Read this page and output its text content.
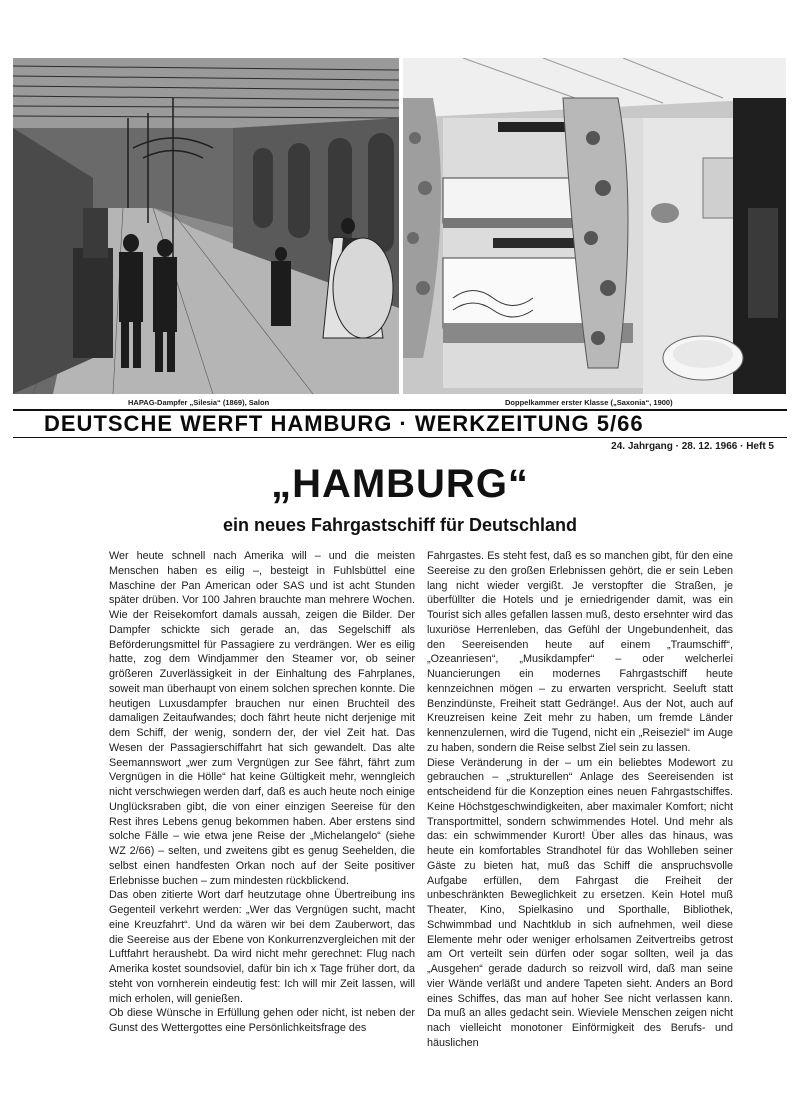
HAPAG-Dampfer „Silesia“ (1869), Salon	Doppelkammer erster Klasse („Saxonia“, 1900)
DEUTSCHE WERFT HAMBURG · WERKZEITUNG 5/66
24. Jahrgang · 28. 12. 1966 · Heft 5
„HAMBURG“
ein neues Fahrgastschiff für Deutschland

Wer heute schnell nach Amerika will – und die meisten Menschen haben es eilig –, besteigt in Fuhlsbüttel eine Maschine der Pan American oder SAS und ist acht Stunden später drüben. Vor 100 Jahren brauchte man mehrere Wochen. Wie der Reisekomfort damals aussah, zeigen die Bilder. Der Dampfer schickte sich gerade an, das Segelschiff als Beförderungsmittel für Passagiere zu verdrängen. Wer es eilig hatte, zog dem Windjammer den Steamer vor, ob seiner größeren Zuverlässigkeit in der Einhaltung des Fahrplanes, soweit man überhaupt von einem solchen sprechen konnte. Die heutigen Luxusdampfer brauchen nur einen Bruchteil des damaligen Zeitaufwandes; doch fährt heute nicht derjenige mit dem Schiff, der wenig, sondern der, der viel Zeit hat. Das Wesen der Passagierschiffahrt hat sich gewandelt. Das alte Seemannswort „wer zum Vergnügen zur See fährt, fährt zum Vergnügen in die Hölle“ hat keine Gültigkeit mehr, wenngleich nicht verschwiegen werden darf, daß es auch heute noch einige Unglücksraben gibt, die von einer einzigen Seereise für den Rest ihres Lebens genug bekommen haben. Aber erstens sind solche Fälle – wie etwa jene Reise der „Michelangelo“ (siehe WZ 2/66) – selten, und zweitens gibt es genug Seehelden, die selbst einen handfesten Orkan noch auf der Seite positiver Erlebnisse buchen – zum mindesten rückblickend.

Das oben zitierte Wort darf heutzutage ohne Übertreibung ins Gegenteil verkehrt werden: „Wer das Vergnügen sucht, macht eine Kreuzfahrt“. Und da wären wir bei dem Zauberwort, das die Seereise aus der Ebene von Konkurrenzvergleichen mit der Luftfahrt heraushebt. Da wird nicht mehr gerechnet: Flug nach Amerika kostet soundsoviel, dafür bin ich x Tage früher dort, da steht von vornherein eindeutig fest: Ich will mir Zeit lassen, will mich erholen, will genießen.

Ob diese Wünsche in Erfüllung gehen oder nicht, ist neben der Gunst des Wettergottes eine Persönlichkeitsfrage des

Fahrgastes. Es steht fest, daß es so manchen gibt, für den eine Seereise zu den großen Erlebnissen gehört, die er sein Leben lang nicht wieder vergißt. Je verstopfter die Straßen, je überfüllter die Hotels und je erniedrigender damit, was ein Tourist sich alles gefallen lassen muß, desto ersehnter wird das luxuriöse Herrenleben, das Gefühl der Ungebundenheit, das den Seereisenden heute auf einem „Traumschiff“, „Ozeanriesen“, „Musikdampfer“ – oder welcherlei Nuancierungen ein modernes Fahrgastschiff heute kennzeichnen mögen – zu erwarten verspricht. Seeluft statt Benzindünste, Freiheit statt Gedränge!. Aus der Not, auch auf Kreuzreisen keine Zeit mehr zu haben, um fremde Länder kennenzulernen, wird die Tugend, nicht ein „Reiseziel“ im Auge zu haben, sondern die Reise selbst Ziel sein zu lassen.

Diese Veränderung in der – um ein beliebtes Modewort zu gebrauchen – „strukturellen“ Anlage des Seereisenden ist entscheidend für die Konzeption eines neuen Fahrgastschiffes. Keine Höchstgeschwindigkeiten, aber maximaler Komfort; nicht Transportmittel, sondern schwimmendes Hotel. Und mehr als das: ein schwimmender Kurort! Über alles das hinaus, was heute ein komfortables Strandhotel für das Wohlleben seiner Gäste zu bieten hat, muß das Schiff die anspruchsvolle Aufgabe erfüllen, dem Fahrgast die Freiheit der unbeschränkten Beweglichkeit zu ersetzen. Kein Hotel muß Theater, Kino, Spielkasino und Sporthalle, Bibliothek, Schwimmbad und Nachtklub in sich aufnehmen, weil diese Elemente mehr oder weniger erholsamen Zeitvertreibs getrost am Ort verteilt sein dürfen oder sogar sollten, weil ja das „Ausgehen“ gerade dadurch so reizvoll wird, daß man seine vier Wände verläßt und andere Tapeten sieht. Anders an Bord eines Schiffes, das man auf hoher See nicht verlassen kann. Da muß an alles gedacht sein. Wieviele Menschen zeigen nicht nach vielleicht monotoner Einförmigkeit des Berufs- und häuslichen
